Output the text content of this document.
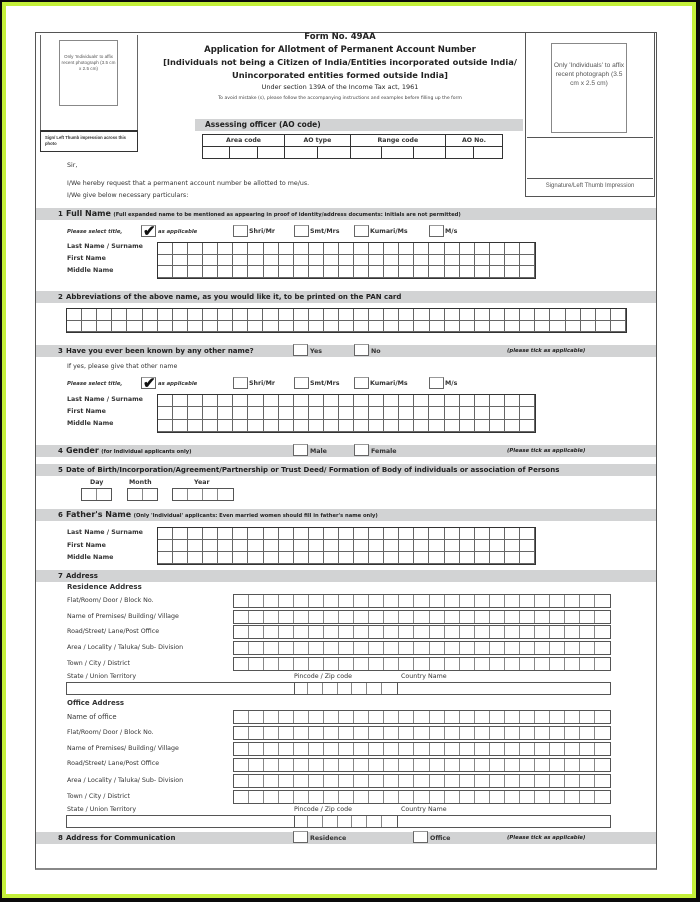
Form No. 49AA
Application for Allotment of Permanent Account Number
[Individuals not being a Citizen of India/Entities incorporated outside India/
Unincorporated entities formed outside India]
Under section 139A of the Income Tax act, 1961
To avoid mistake (s), please follow the accompanying instructions and examples before filling up the form
Only 'Individuals' to affix recent photograph (3.5 cm x 2.5 cm)
Sign/ Left Thumb impression across this photo
Only 'Individuals' to affix recent photograph (3.5 cm x 2.5 cm)
Signature/Left Thumb Impression
Assessing officer (AO code)
Area code			AO type		Range code			AO No.	

Sir,
I/We hereby request that a permanent account number be allotted to me/us.
I/We give below necessary particulars:
1 Full Name (Full expanded name to be mentioned as appearing in proof of identity/address documents: initials are not permitted)
Please select title, ✔ as applicable	Shri/Mr	Smt/Mrs	Kumari/Ms	M/s
Last Name / Surname
First Name
Middle Name
2 Abbreviations of the above name, as you would like it, to be printed on the PAN card
3 Have you ever been known by any other name?	(please tick as applicable)
Yes	No
If yes, please give that other name
Please select title, ✔ as applicable	Shri/Mr	Smt/Mrs	Kumari/Ms	M/s
Last Name / Surname
First Name
Middle Name
4 Gender (for Individual applicants only)	(Please tick as applicable)
Male	Female
5 Date of Birth/Incorporation/Agreement/Partnership or Trust Deed/ Formation of Body of individuals or association of Persons
Day	Month	Year
6 Father's Name (Only 'Individual' applicants: Even married women should fill in father's name only)
Last Name / Surname
First Name
Middle Name
7 Address
Residence Address
Flat/Room/ Door / Block No.
Name of Premises/ Building/ Village
Road/Street/ Lane/Post Office
Area / Locality / Taluka/ Sub- Division
Town / City / District
State / Union Territory	Pincode / Zip code	Country Name
Office Address
Name of office
Flat/Room/ Door / Block No.
Name of Premises/ Building/ Village
Road/Street/ Lane/Post Office
Area / Locality / Taluka/ Sub- Division
Town / City / District
State / Union Territory	Pincode / Zip code	Country Name
8 Address for Communication	(Please tick as applicable)
Residence	Office
